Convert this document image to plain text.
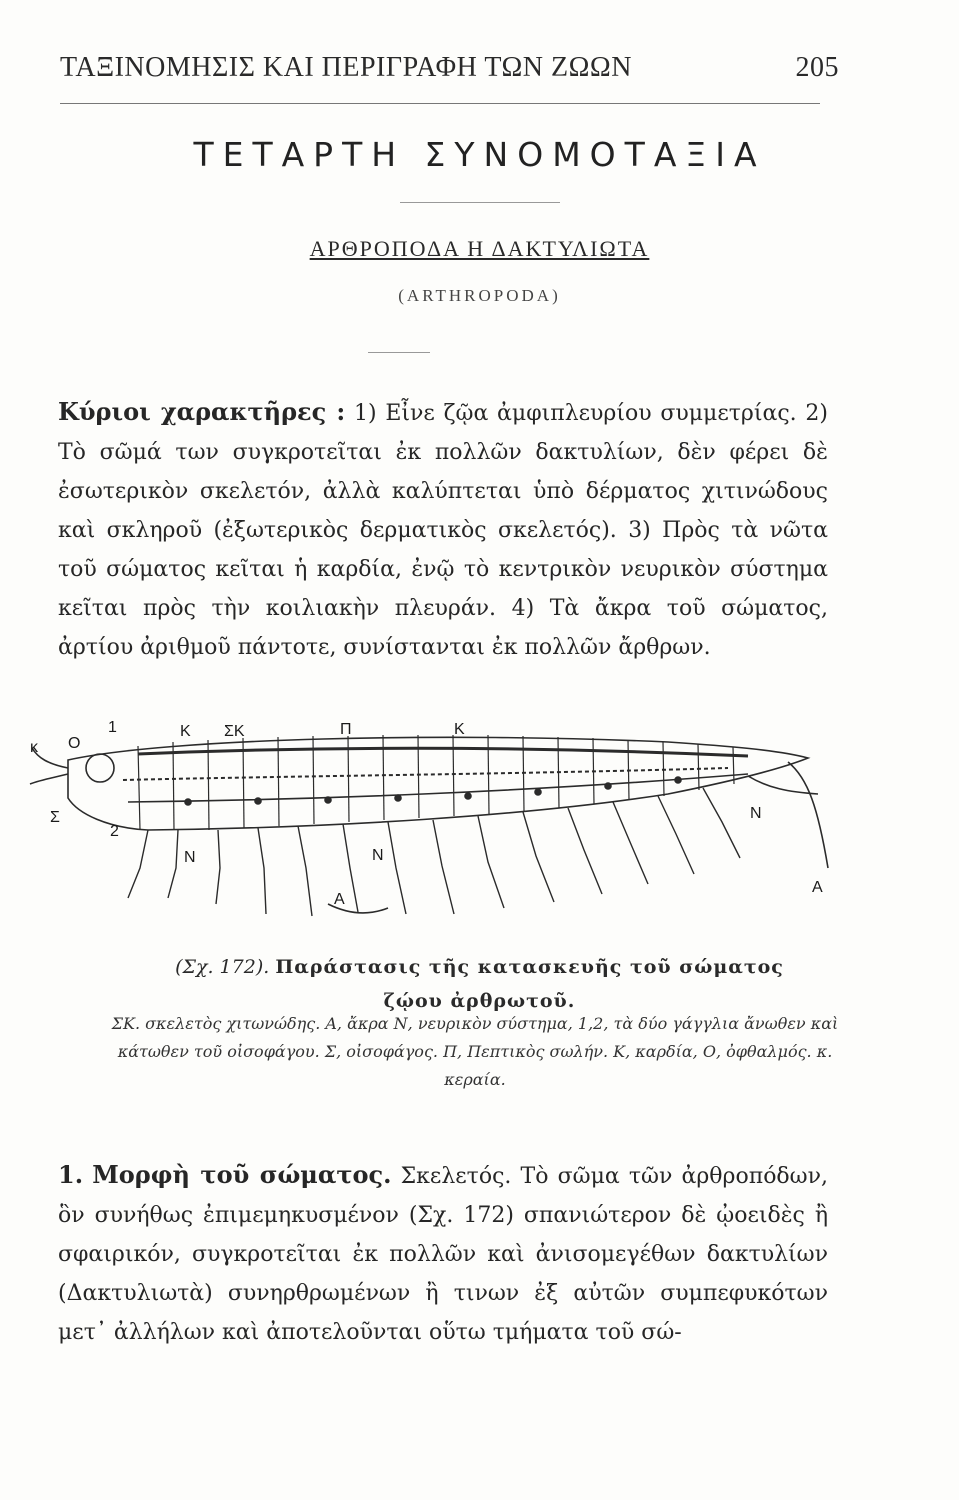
ΤΑΞΙΝΟΜΗΣΙΣ ΚΑΙ ΠΕΡΙΓΡΑΦΗ ΤΩΝ ΖΩΩΝ	205
ΤΕΤΑΡΤΗ ΣΥΝΟΜΟΤΑΞΙΑ
ΑΡΘΡΟΠΟΔΑ Η ΔΑΚΤΥΛΙΩΤΑ
(ARTHROPODA)
Κύριοι χαρακτῆρες : 1) Εἶνε ζῷα ἀμφιπλευρίου συμμετρίας. 2) Τὸ σῶμά των συγκροτεῖται ἐκ πολλῶν δακτυλίων, δὲν φέρει δὲ ἐσωτερικὸν σκελετόν, ἀλλὰ καλύπτεται ὑπὸ δέρματος χιτινώδους καὶ σκληροῦ (ἐξωτερικὸς δερματικὸς σκελετός). 3) Πρὸς τὰ νῶτα τοῦ σώματος κεῖται ἡ καρδία, ἐνῷ τὸ κεντρικὸν νευρικὸν σύστημα κεῖται πρὸς τὴν κοιλιακὴν πλευράν. 4) Τὰ ἄκρα τοῦ σώματος, ἀρτίου ἀριθμοῦ πάντοτε, συνίστανται ἐκ πολλῶν ἄρθρων.
κ O
1	K ΣΚ	Π	K
2
N	N
N
A
A
Σ
(Σχ. 172). Παράστασις τῆς κατασκευῆς τοῦ σώματος
ζῴου ἀρθρωτοῦ.
ΣΚ. σκελετὸς χιτωνώδης. Α, ἄκρα Ν, νευρικὸν σύστημα, 1,2, τὰ δύο γάγγλια ἄνωθεν καὶ κάτωθεν τοῦ οἰσοφάγου. Σ, οἰσοφάγος. Π, Πεπτικὸς σωλήν. Κ, καρδία, Ο, ὀφθαλμός. κ. κεραία.
1. Μορφὴ τοῦ σώματος. Σκελετός. Τὸ σῶμα τῶν ἀρθροπόδων, ὃν συνήθως ἐπιμεμηκυσμένον (Σχ. 172) σπανιώτερον δὲ ᾠοειδὲς ἢ σφαιρικόν, συγκροτεῖται ἐκ πολλῶν καὶ ἀνισομεγέθων δακτυλίων (Δακτυλιωτὰ) συνηρθρωμένων ἢ τινων ἐξ αὐτῶν συμπεφυκότων μετ᾽ ἀλλήλων καὶ ἀποτελοῦνται οὕτω τμήματα τοῦ σώ-
